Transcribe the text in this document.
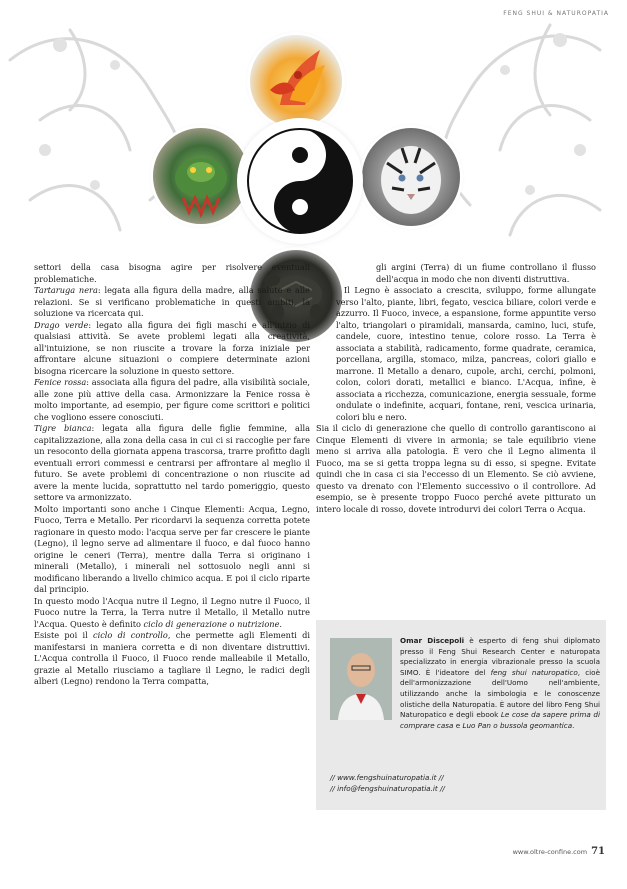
FENG SHUI & NATUROPATIA

settori della casa bisogna agire per risolvere eventuali problematiche.

Tartaruga nera: legata alla figura della madre, alla salute e alle relazioni. Se si verificano problematiche in questi ambiti, la soluzione va ricercata qui.

Drago verde: legato alla figura dei figli maschi e all'inizio di qualsiasi attività. Se avete problemi legati alla creatività, all'intuizione, se non riuscite a trovare la forza iniziale per affrontare alcune situazioni o compiere determinate azioni bisogna ricercare la soluzione in questo settore.

Fenice rossa: associata alla figura del padre, alla visibilità sociale, alle zone più attive della casa. Armonizzare la Fenice rossa è molto importante, ad esempio, per figure come scrittori e politici che vogliono essere conosciuti.

Tigre bianca: legata alla figura delle figlie femmine, alla capitalizzazione, alla zona della casa in cui ci si raccoglie per fare un resoconto della giornata appena trascorsa, trarre profitto dagli eventuali errori commessi e centrarsi per affrontare al meglio il futuro. Se avete problemi di concentrazione o non riuscite ad avere la mente lucida, soprattutto nel tardo pomeriggio, questo settore va armonizzato.

Molto importanti sono anche i Cinque Elementi: Acqua, Legno, Fuoco, Terra e Metallo. Per ricordarvi la sequenza corretta potete ragionare in questo modo: l'acqua serve per far crescere le piante (Legno), il legno serve ad alimentare il fuoco, e dal fuoco hanno origine le ceneri (Terra), mentre dalla Terra si originano i minerali (Metallo), i minerali nel sottosuolo negli anni si modificano liberando a livello chimico acqua. E poi il ciclo riparte dal principio.

In questo modo l'Acqua nutre il Legno, il Legno nutre il Fuoco, il Fuoco nutre la Terra, la Terra nutre il Metallo, il Metallo nutre l'Acqua. Questo è definito ciclo di generazione o nutrizione.

Esiste poi il ciclo di controllo, che permette agli Elementi di manifestarsi in maniera corretta e di non diventare distruttivi. L'Acqua controlla il Fuoco, il Fuoco rende malleabile il Metallo, grazie al Metallo riusciamo a tagliare il Legno, le radici degli alberi (Legno) rendono la Terra compatta,

gli argini (Terra) di un fiume controllano il flusso dell'acqua in modo che non diventi distruttiva.

Il Legno è associato a crescita, sviluppo, forme allungate verso l'alto, piante, libri, fegato, vescica biliare, colori verde e azzurro. Il Fuoco, invece, a espansione, forme appuntite verso l'alto, triangolari o piramidali, mansarda, camino, luci, stufe, candele, cuore, intestino tenue, colore rosso. La Terra è associata a stabilità, radicamento, forme quadrate, ceramica, porcellana, argilla, stomaco, milza, pancreas, colori giallo e marrone. Il Metallo a denaro, cupole, archi, cerchi, polmoni, colon, colori dorati, metallici e bianco. L'Acqua, infine, è associata a ricchezza, comunicazione, energia sessuale, forme ondulate o indefinite, acquari, fontane, reni, vescica urinaria, colori blu e nero.

Sia il ciclo di generazione che quello di controllo garantiscono ai Cinque Elementi di vivere in armonia; se tale equilibrio viene meno si arriva alla patologia. È vero che il Legno alimenta il Fuoco, ma se si getta troppa legna su di esso, si spegne. Evitate quindi che in casa ci sia l'eccesso di un Elemento. Se ciò avviene, questo va drenato con l'Elemento successivo o il controllore. Ad esempio, se è presente troppo Fuoco perché avete pitturato un intero locale di rosso, dovete introdurvi dei colori Terra o Acqua.

Omar Discepoli è esperto di feng shui diplomato presso il Feng Shui Research Center e naturopata specializzato in energia vibrazionale presso la scuola SIMO. È l'ideatore del feng shui naturopatico, cioè dell'armonizzazione dell'Uomo nell'ambiente, utilizzando anche la simbologia e le conoscenze olistiche della Naturopatia. È autore del libro Feng Shui Naturopatico e degli ebook Le cose da sapere prima di comprare casa e Luo Pan o bussola geomantica.
// www.fengshuinaturopatia.it //
// info@fengshuinaturopatia.it //
www.oltre-confine.com 71
